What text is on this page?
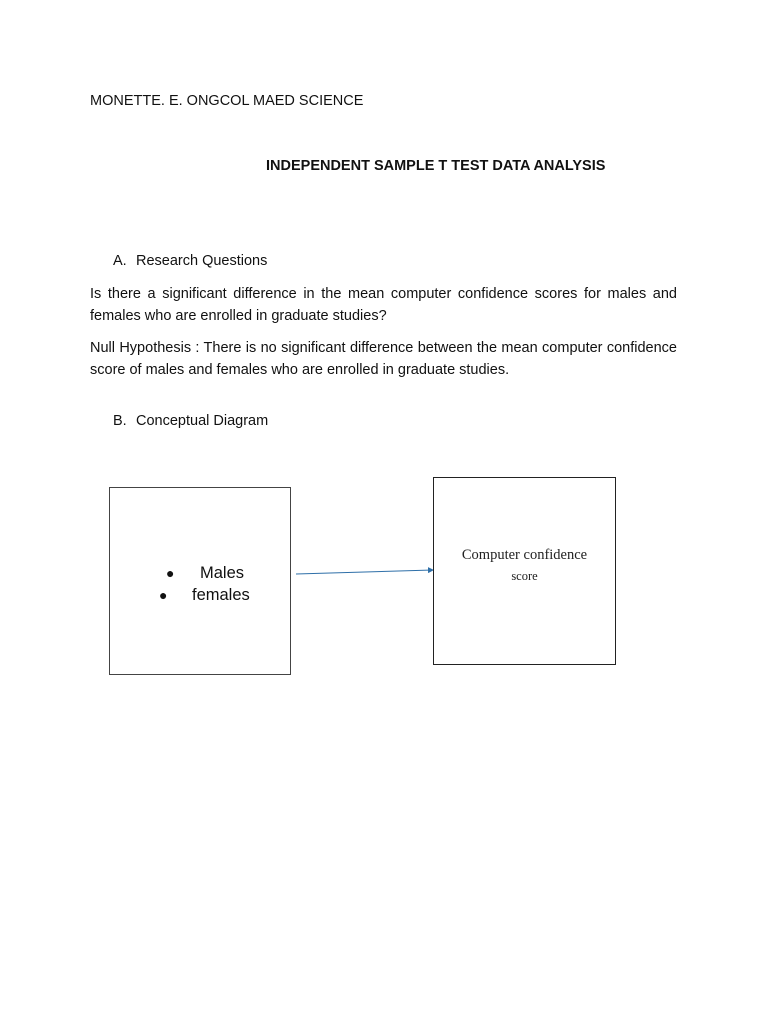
MONETTE. E. ONGCOL MAED SCIENCE
INDEPENDENT SAMPLE T TEST DATA ANALYSIS
A. Research Questions
Is there a significant difference in the mean computer confidence scores for males and females who are enrolled in graduate studies?
Null Hypothesis : There is no significant difference between the mean computer confidence score of males and females who are enrolled in graduate studies.
B. Conceptual Diagram
● Males
● females
Computer confidence
score
